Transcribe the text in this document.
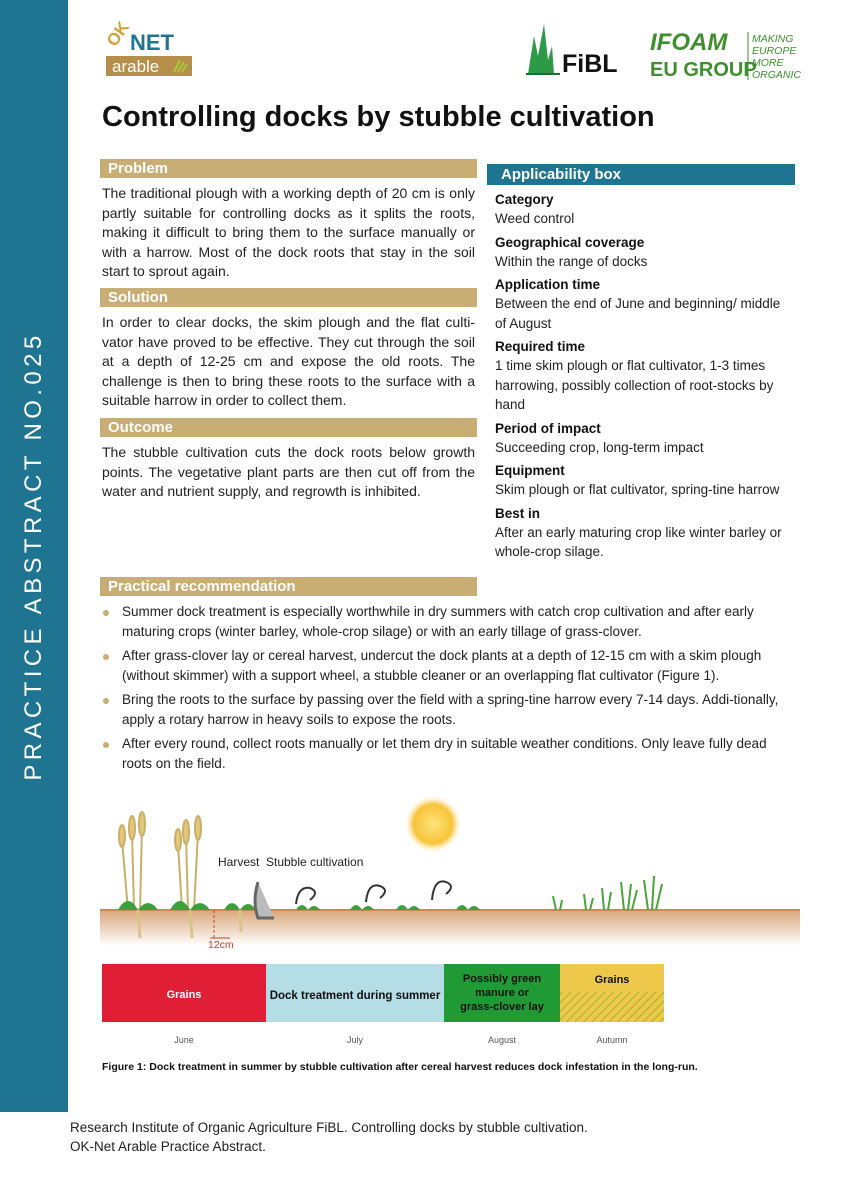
PRACTICE ABSTRACT NO.025
OK
NET
arable	FiBL
IFOAM
EU GROUP
MAKING
EUROPE
MORE
ORGANIC
Controlling docks by stubble cultivation
Problem

The traditional plough with a working depth of 20 cm is only partly suitable for controlling docks as it splits the roots, making it difficult to bring them to the surface manually or with a harrow. Most of the dock roots that stay in the soil start to sprout again.

Solution

In order to clear docks, the skim plough and the flat culti-vator have proved to be effective. They cut through the soil at a depth of 12-25 cm and expose the old roots. The challenge is then to bring these roots to the surface with a suitable harrow in order to collect them.

Outcome

The stubble cultivation cuts the dock roots below growth points. The vegetative plant parts are then cut off from the water and nutrient supply, and regrowth is inhibited.

Applicability box
Category
Weed control
Geographical coverage
Within the range of docks
Application time
Between the end of June and beginning/ middle of August
Required time
1 time skim plough or flat cultivator, 1-3 times harrowing, possibly collection of root-stocks by hand
Period of impact
Succeeding crop, long-term impact
Equipment
Skim plough or flat cultivator, spring-tine harrow
Best in
After an early maturing crop like winter barley or whole-crop silage.
Practical recommendation
Summer dock treatment is especially worthwhile in dry summers with catch crop cultivation and after early maturing crops (winter barley, whole-crop silage) or with an early tillage of grass-clover.
After grass-clover lay or cereal harvest, undercut the dock plants at a depth of 12-15 cm with a skim plough (without skimmer) with a support wheel, a stubble cleaner or an overlapping flat cultivator (Figure 1).
Bring the roots to the surface by passing over the field with a spring-tine harrow every 7-14 days. Addi-tionally, apply a rotary harrow in heavy soils to expose the roots.
After every round, collect roots manually or let them dry in suitable weather conditions. Only leave fully dead roots on the field.
Harvest Stubble cultivation
12cm
Grains	Dock treatment during summer
Possibly green manure or grass-clover lay
Grains
June	July	August	Autumn

Figure 1: Dock treatment in summer by stubble cultivation after cereal harvest reduces dock infestation in the long-run.

Research Institute of Organic Agriculture FiBL. Controlling docks by stubble cultivation.
OK-Net Arable Practice Abstract.
